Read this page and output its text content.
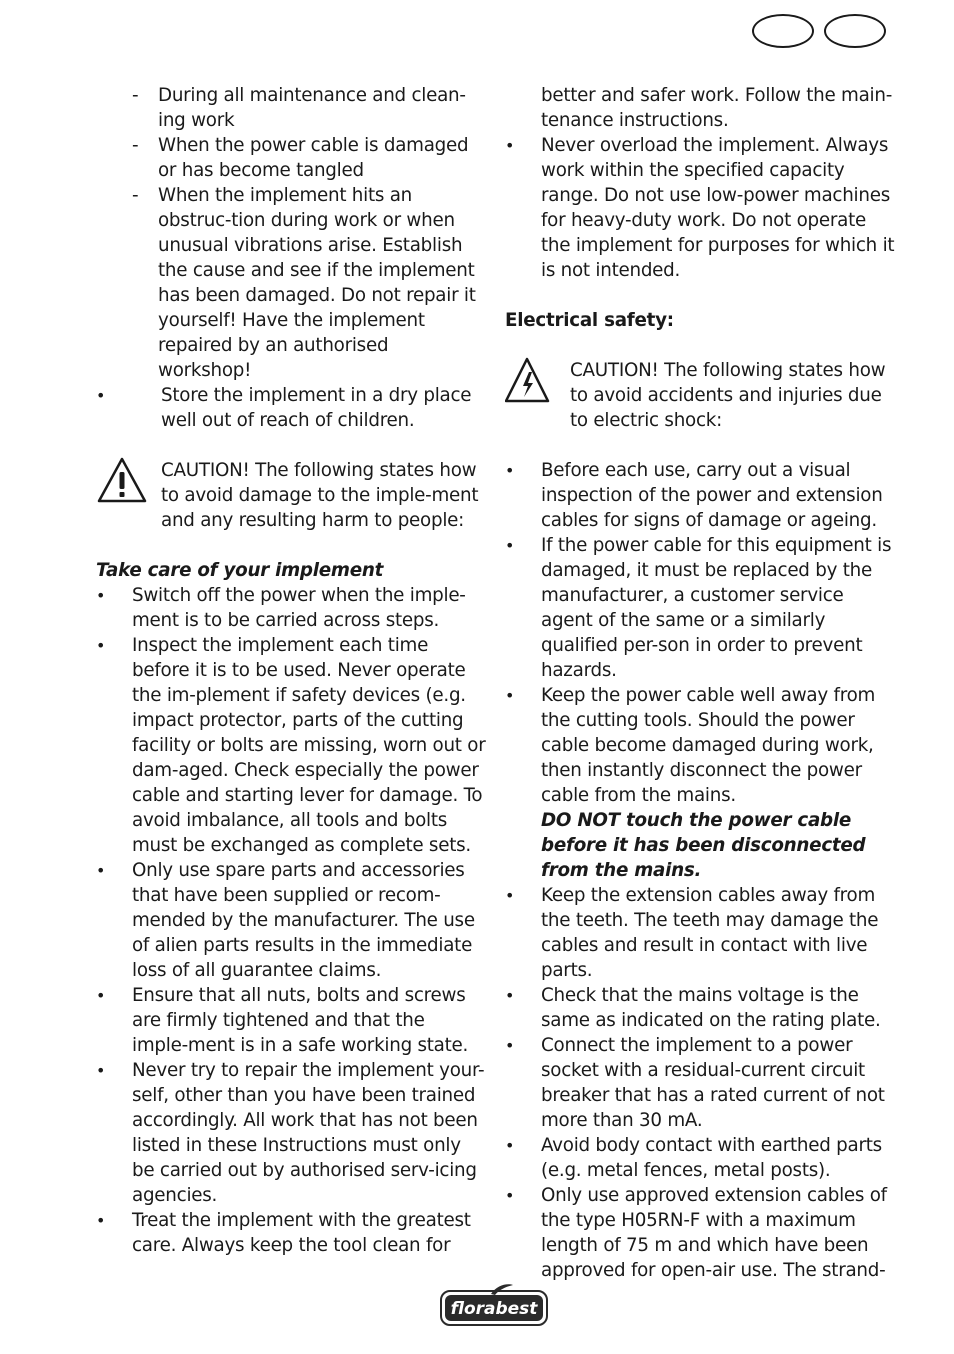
- During all maintenance and clean-ing work
- When the power cable is damaged or has become tangled
- When the implement hits an obstruc-tion during work or when unusual vibrations arise. Establish the cause and see if the implement has been damaged. Do not repair it yourself! Have the implement repaired by an authorised workshop!
•	Store the implement in a dry place well out of reach of children.
CAUTION! The following states how to avoid damage to the imple-ment and any resulting harm to people:
Take care of your implement
• Switch off the power when the imple-ment is to be carried across steps.
• Inspect the implement each time before it is to be used. Never operate the im-plement if safety devices (e.g. impact protector, parts of the cutting facility or bolts are missing, worn out or dam-aged. Check especially the power cable and starting lever for damage. To avoid imbalance, all tools and bolts must be exchanged as complete sets.
• Only use spare parts and accessories that have been supplied or recom-mended by the manufacturer. The use of alien parts results in the immediate loss of all guarantee claims.
• Ensure that all nuts, bolts and screws are firmly tightened and that the imple-ment is in a safe working state.
• Never try to repair the implement your-self, other than you have been trained accordingly. All work that has not been listed in these Instructions must only be carried out by authorised serv-icing agencies.
• Treat the implement with the greatest care. Always keep the tool clean for
better and safer work. Follow the main-tenance instructions.
• Never overload the implement. Always work within the specified capacity range. Do not use low-power machines for heavy-duty work. Do not operate the implement for purposes for which it is not intended.
Electrical safety:
CAUTION! The following states how to avoid accidents and injuries due to electric shock:
• Before each use, carry out a visual inspection of the power and extension cables for signs of damage or ageing.
• If the power cable for this equipment is damaged, it must be replaced by the manufacturer, a customer service agent of the same or a similarly qualified per-son in order to prevent hazards.
• Keep the power cable well away from the cutting tools. Should the power cable become damaged during work, then instantly disconnect the power cable from the mains.
DO NOT touch the power cable before it has been disconnected from the mains.
• Keep the extension cables away from the teeth. The teeth may damage the cables and result in contact with live parts.
• Check that the mains voltage is the same as indicated on the rating plate.
• Connect the implement to a power socket with a residual-current circuit breaker that has a rated current of not more than 30 mA.
• Avoid body contact with earthed parts (e.g. metal fences, metal posts).
• Only use approved extension cables of the type H05RN-F with a maximum length of 75 m and which have been approved for open-air use. The strand-
florabest
